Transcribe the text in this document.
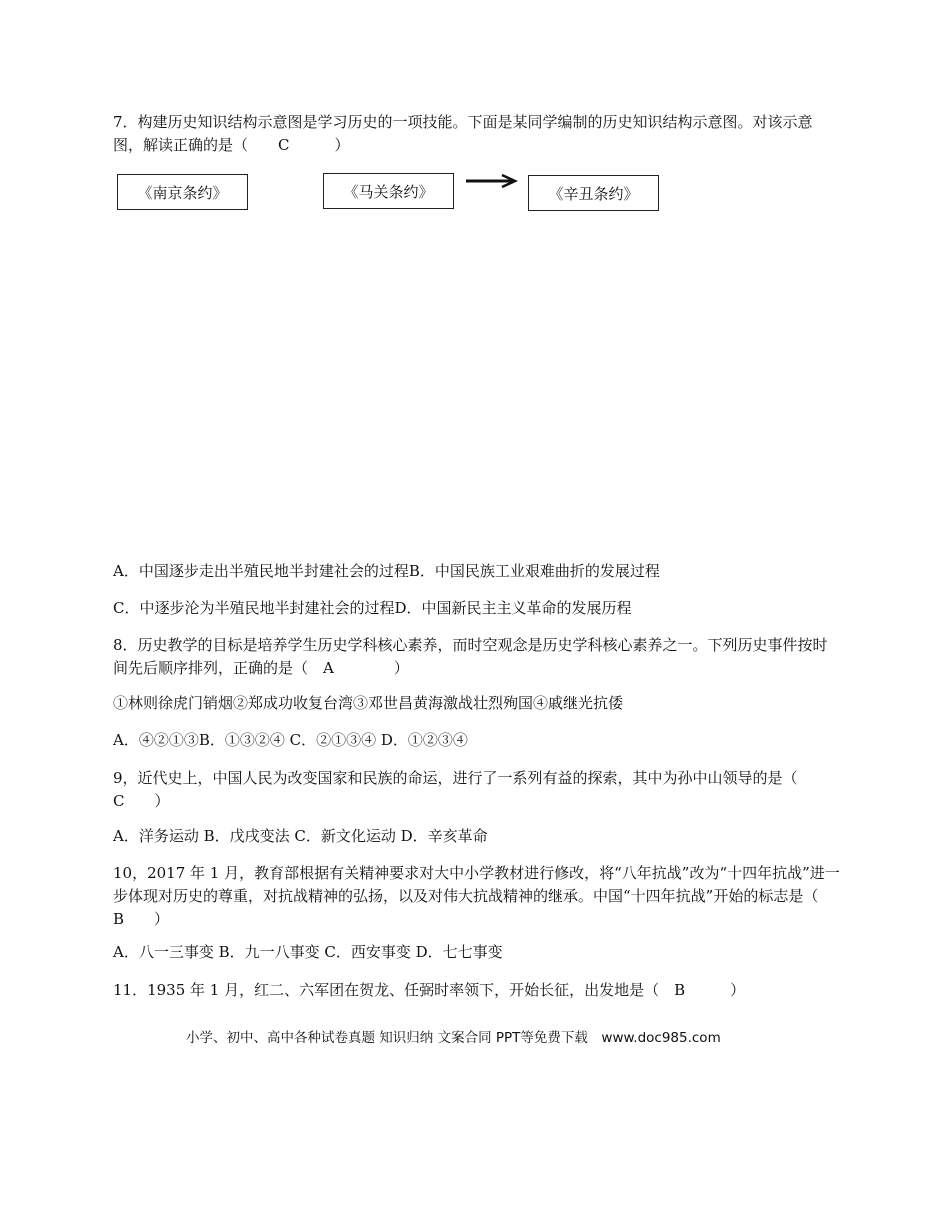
7．构建历史知识结构示意图是学习历史的一项技能。下面是某同学编制的历史知识结构示意图。对该示意图，解读正确的是（　　C　　　）
《南京条约》	《马关条约》	《辛丑条约》
A．中国逐步走出半殖民地半封建社会的过程B．中国民族工业艰难曲折的发展过程
C．中逐步沦为半殖民地半封建社会的过程D．中国新民主主义革命的发展历程
8．历史教学的目标是培养学生历史学科核心素养，而时空观念是历史学科核心素养之一。下列历史事件按时间先后顺序排列，正确的是（　A　　　　）
①林则徐虎门销烟②郑成功收复台湾③邓世昌黄海激战壮烈殉国④戚继光抗倭
A．④②①③B．①③②④ C．②①③④ D．①②③④
9，近代史上，中国人民为改变国家和民族的命运，进行了一系列有益的探索，其中为孙中山领导的是（　　　C　　）
A．洋务运动 B．戊戌变法 C．新文化运动 D．辛亥革命
10，2017 年 1 月，教育部根据有关精神要求对大中小学教材进行修改，将“八年抗战”改为“十四年抗战”进一步体现对历史的尊重，对抗战精神的弘扬，以及对伟大抗战精神的继承。中国“十四年抗战”开始的标志是（　　B　　）
A．八一三事变 B．九一八事变 C．西安事变 D．七七事变
11．1935 年 1 月，红二、六军团在贺龙、任弼时率领下，开始长征，出发地是（　B　　　）
小学、初中、高中各种试卷真题 知识归纳 文案合同 PPT等免费下载　www.doc985.com
